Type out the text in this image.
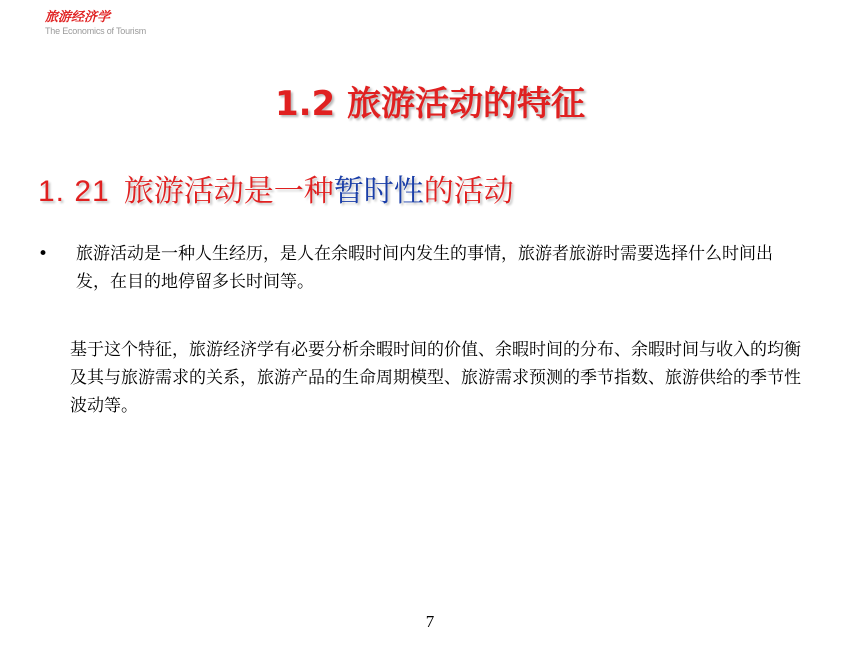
旅游经济学
The Economics of Tourism
1.2 旅游活动的特征
1. 21 旅游活动是一种暂时性的活动
•	旅游活动是一种人生经历，是人在余暇时间内发生的事情，旅游者旅游时需要选择什么时间出发，在目的地停留多长时间等。
基于这个特征，旅游经济学有必要分析余暇时间的价值、余暇时间的分布、余暇时间与收入的均衡及其与旅游需求的关系，旅游产品的生命周期模型、旅游需求预测的季节指数、旅游供给的季节性波动等。
7
